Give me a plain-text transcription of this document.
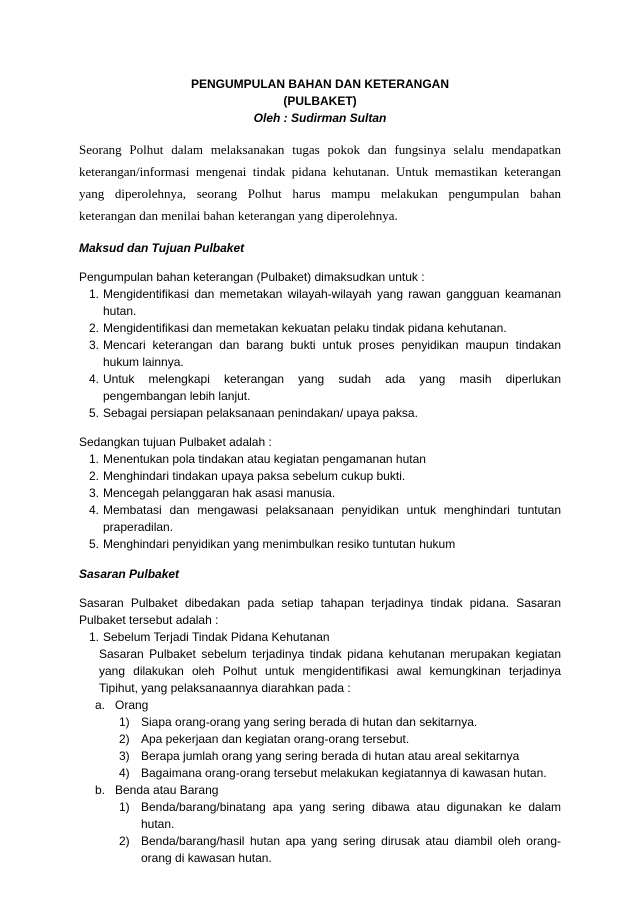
PENGUMPULAN BAHAN DAN KETERANGAN
(PULBAKET)
Oleh : Sudirman Sultan
Seorang Polhut dalam melaksanakan tugas pokok dan fungsinya selalu mendapatkan keterangan/informasi mengenai tindak pidana kehutanan. Untuk memastikan keterangan yang diperolehnya, seorang Polhut harus mampu melakukan pengumpulan bahan keterangan dan menilai bahan keterangan yang diperolehnya.
Maksud dan Tujuan Pulbaket
Pengumpulan bahan keterangan (Pulbaket) dimaksudkan untuk :
1. Mengidentifikasi dan memetakan wilayah-wilayah yang rawan gangguan keamanan hutan.
2. Mengidentifikasi dan memetakan kekuatan pelaku tindak pidana kehutanan.
3. Mencari keterangan dan barang bukti untuk proses penyidikan maupun tindakan hukum lainnya.
4. Untuk melengkapi keterangan yang sudah ada yang masih diperlukan pengembangan lebih lanjut.
5. Sebagai persiapan pelaksanaan penindakan/ upaya paksa.
Sedangkan tujuan Pulbaket adalah :
1. Menentukan pola tindakan atau kegiatan pengamanan hutan
2. Menghindari tindakan upaya paksa sebelum cukup bukti.
3. Mencegah pelanggaran hak asasi manusia.
4. Membatasi dan mengawasi pelaksanaan penyidikan untuk menghindari tuntutan praperadilan.
5. Menghindari penyidikan yang menimbulkan resiko tuntutan hukum
Sasaran Pulbaket
Sasaran Pulbaket dibedakan pada setiap tahapan terjadinya tindak pidana. Sasaran Pulbaket tersebut adalah :
1. Sebelum Terjadi Tindak Pidana Kehutanan
Sasaran Pulbaket sebelum terjadinya tindak pidana kehutanan merupakan kegiatan yang dilakukan oleh Polhut untuk mengidentifikasi awal kemungkinan terjadinya Tipihut, yang pelaksanaannya diarahkan pada :
a. Orang
1) Siapa orang-orang yang sering berada di hutan dan sekitarnya.
2) Apa pekerjaan dan kegiatan orang-orang tersebut.
3) Berapa jumlah orang yang sering berada di hutan atau areal sekitarnya
4) Bagaimana orang-orang tersebut melakukan kegiatannya di kawasan hutan.
b. Benda atau Barang
1) Benda/barang/binatang apa yang sering dibawa atau digunakan ke dalam hutan.
2) Benda/barang/hasil hutan apa yang sering dirusak atau diambil oleh orang-orang di kawasan hutan.
